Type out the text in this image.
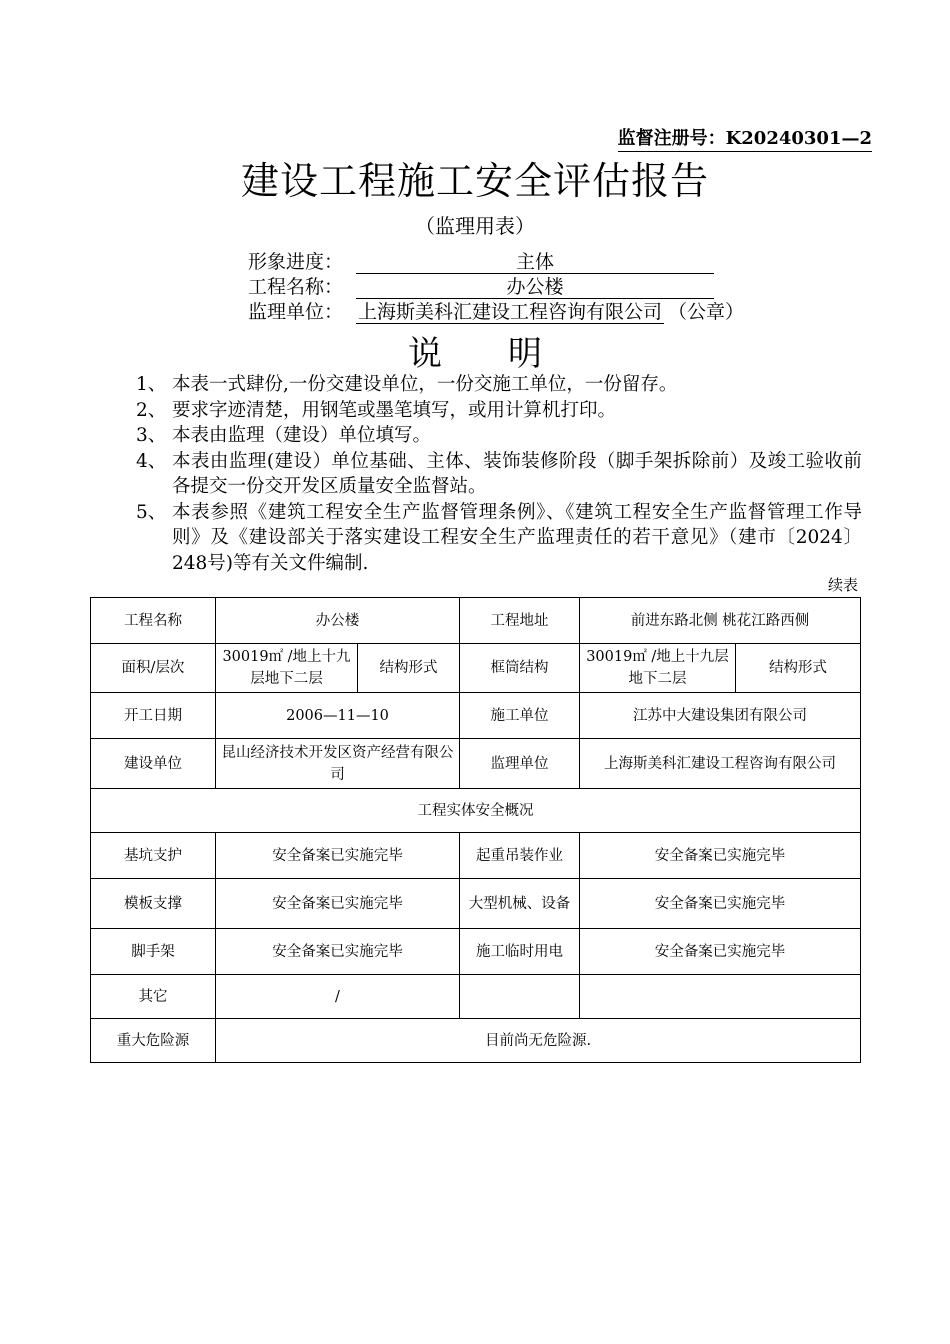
监督注册号：K20240301—2
建设工程施工安全评估报告
（监理用表）
形象进度：	主体
工程名称：	办公楼
监理单位： 上海斯美科汇建设工程咨询有限公司 （公章）
说 明
1、 本表一式肆份,一份交建设单位，一份交施工单位，一份留存。
2、 要求字迹清楚，用钢笔或墨笔填写，或用计算机打印。
3、 本表由监理（建设）单位填写。
4、 本表由监理(建设）单位基础、主体、装饰装修阶段（脚手架拆除前）及竣工验收前各提交一份交开发区质量安全监督站。
5、 本表参照《建筑工程安全生产监督管理条例》、《建筑工程安全生产监督管理工作导则》及《建设部关于落实建设工程安全生产监理责任的若干意见》（建市〔2024〕248号)等有关文件编制.
续表
工程名称	办公楼		工程地址	前进东路北侧 桃花江路西侧	
面积/层次	30019㎡ /地上十九层地下二层	结构形式	框筒结构	30019㎡ /地上十九层地下二层	结构形式
开工日期	2006—11—10		施工单位	江苏中大建设集团有限公司	
建设单位	昆山经济技术开发区资产经营有限公司		监理单位	上海斯美科汇建设工程咨询有限公司	
工程实体安全概况					
基坑支护	安全备案已实施完毕		起重吊装作业	安全备案已实施完毕	
模板支撑	安全备案已实施完毕		大型机械、设备	安全备案已实施完毕	
脚手架	安全备案已实施完毕		施工临时用电	安全备案已实施完毕	
其它	/				
重大危险源	目前尚无危险源.				
